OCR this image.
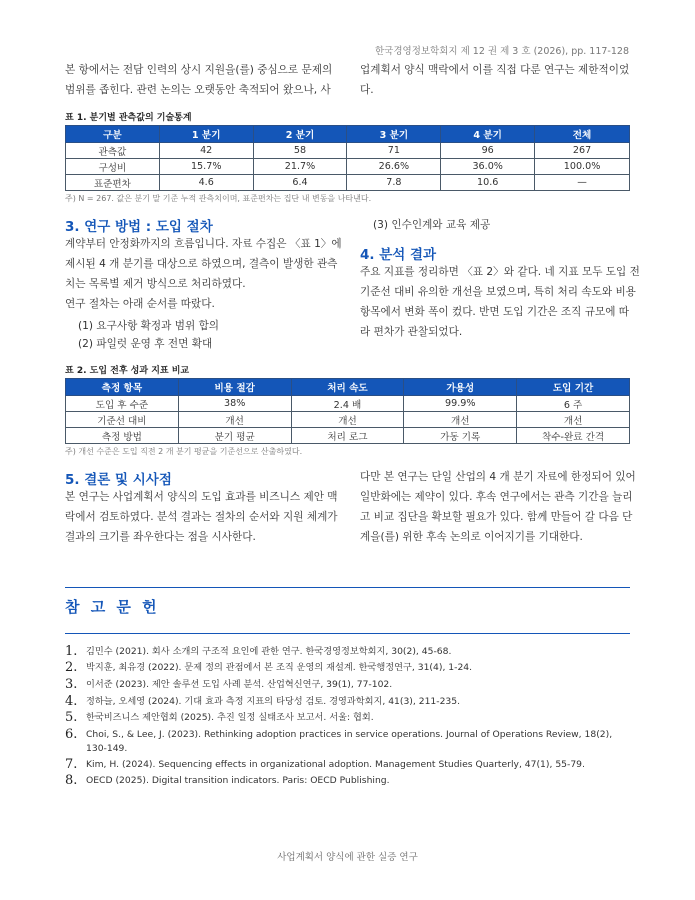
한국경영정보학회지 제 12 권 제 3 호 (2026), pp. 117-128
본 항에서는 전담 인력의 상시 지원을(를) 중심으로 문제의
범위를 좁힌다. 관련 논의는 오랫동안 축적되어 왔으나, 사
업계획서 양식 맥락에서 이를 직접 다룬 연구는 제한적이었
다.
표 1. 분기별 관측값의 기술통계
구분	1 분기	2 분기	3 분기	4 분기	전체
관측값	42	58	71	96	267
구성비	15.7%	21.7%	26.6%	36.0%	100.0%
표준편차	4.6	6.4	7.8	10.6	—
주) N = 267. 값은 분기 말 기준 누적 관측치이며, 표준편차는 집단 내 변동을 나타낸다.
3. 연구 방법 : 도입 절차
계약부터 안정화까지의 흐름입니다. 자료 수집은 〈표 1〉에
제시된 4 개 분기를 대상으로 하였으며, 결측이 발생한 관측
치는 목록별 제거 방식으로 처리하였다.
연구 절차는 아래 순서를 따랐다.
(1) 요구사항 확정과 범위 합의
(2) 파일럿 운영 후 전면 확대
(3) 인수인계와 교육 제공
4. 분석 결과
주요 지표를 정리하면 〈표 2〉와 같다. 네 지표 모두 도입 전
기준선 대비 유의한 개선을 보였으며, 특히 처리 속도와 비용
항목에서 변화 폭이 컸다. 반면 도입 기간은 조직 규모에 따
라 편차가 관찰되었다.
표 2. 도입 전후 성과 지표 비교
측정 항목	비용 절감	처리 속도	가용성	도입 기간
도입 후 수준	38%	2.4 배	99.9%	6 주
기준선 대비	개선	개선	개선	개선
측정 방법	분기 평균	처리 로그	가동 기록	착수-완료 간격
주) 개선 수준은 도입 직전 2 개 분기 평균을 기준선으로 산출하였다.
5. 결론 및 시사점
본 연구는 사업계획서 양식의 도입 효과를 비즈니스 제안 맥
락에서 검토하였다. 분석 결과는 절차의 순서와 지원 체계가
결과의 크기를 좌우한다는 점을 시사한다.
다만 본 연구는 단일 산업의 4 개 분기 자료에 한정되어 있어
일반화에는 제약이 있다. 후속 연구에서는 관측 기간을 늘리
고 비교 집단을 확보할 필요가 있다. 함께 만들어 갈 다음 단
계을(를) 위한 후속 논의로 이어지기를 기대한다.
참 고 문 헌
1. 김민수 (2021). 회사 소개의 구조적 요인에 관한 연구. 한국경영정보학회지, 30(2), 45-68.
2. 박지훈, 최유경 (2022). 문제 정의 관점에서 본 조직 운영의 재설계. 한국행정연구, 31(4), 1-24.
3. 이서준 (2023). 제안 솔루션 도입 사례 분석. 산업혁신연구, 39(1), 77-102.
4. 정하늘, 오세영 (2024). 기대 효과 측정 지표의 타당성 검토. 경영과학회지, 41(3), 211-235.
5. 한국비즈니스 제안협회 (2025). 추진 일정 실태조사 보고서. 서울: 협회.
6. Choi, S., & Lee, J. (2023). Rethinking adoption practices in service operations. Journal of Operations Review, 18(2), 130-149.
7. Kim, H. (2024). Sequencing effects in organizational adoption. Management Studies Quarterly, 47(1), 55-79.
8. OECD (2025). Digital transition indicators. Paris: OECD Publishing.
사업계획서 양식에 관한 실증 연구
